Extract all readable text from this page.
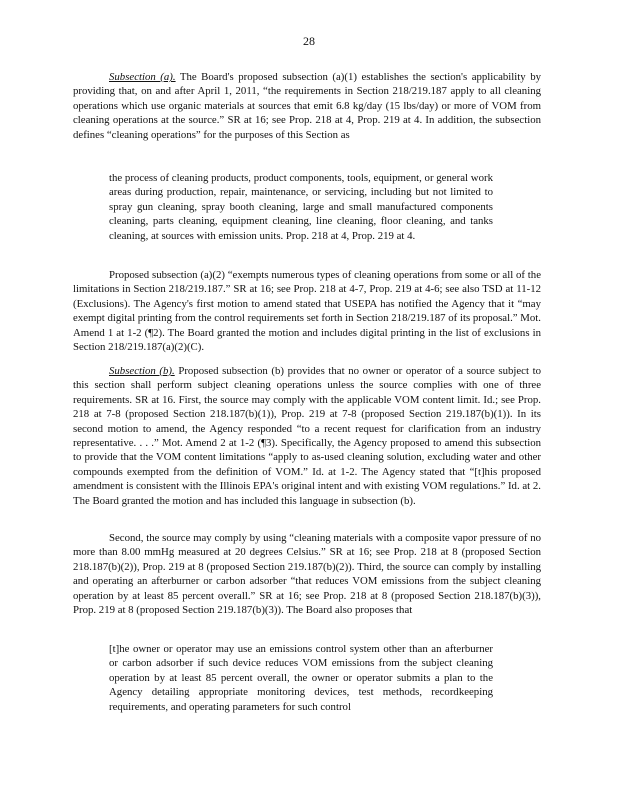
28

Subsection (a). The Board's proposed subsection (a)(1) establishes the section's applicability by providing that, on and after April 1, 2011, “the requirements in Section 218/219.187 apply to all cleaning operations which use organic materials at sources that emit 6.8 kg/day (15 lbs/day) or more of VOM from cleaning operations at the source.” SR at 16; see Prop. 218 at 4, Prop. 219 at 4. In addition, the subsection defines “cleaning operations” for the purposes of this Section as

the process of cleaning products, product components, tools, equipment, or general work areas during production, repair, maintenance, or servicing, including but not limited to spray gun cleaning, spray booth cleaning, large and small manufactured components cleaning, parts cleaning, equipment cleaning, line cleaning, floor cleaning, and tanks cleaning, at sources with emission units. Prop. 218 at 4, Prop. 219 at 4.

Proposed subsection (a)(2) “exempts numerous types of cleaning operations from some or all of the limitations in Section 218/219.187.” SR at 16; see Prop. 218 at 4-7, Prop. 219 at 4-6; see also TSD at 11-12 (Exclusions). The Agency's first motion to amend stated that USEPA has notified the Agency that it “may exempt digital printing from the control requirements set forth in Section 218/219.187 of its proposal.” Mot. Amend 1 at 1-2 (¶2). The Board granted the motion and includes digital printing in the list of exclusions in Section 218/219.187(a)(2)(C).

Subsection (b). Proposed subsection (b) provides that no owner or operator of a source subject to this section shall perform subject cleaning operations unless the source complies with one of three requirements. SR at 16. First, the source may comply with the applicable VOM content limit. Id.; see Prop. 218 at 7-8 (proposed Section 218.187(b)(1)), Prop. 219 at 7-8 (proposed Section 219.187(b)(1)). In its second motion to amend, the Agency responded “to a recent request for clarification from an industry representative. . . .” Mot. Amend 2 at 1-2 (¶3). Specifically, the Agency proposed to amend this subsection to provide that the VOM content limitations “apply to as-used cleaning solution, excluding water and other compounds exempted from the definition of VOM.” Id. at 1-2. The Agency stated that “[t]his proposed amendment is consistent with the Illinois EPA's original intent and with existing VOM regulations.” Id. at 2. The Board granted the motion and has included this language in subsection (b).

Second, the source may comply by using “cleaning materials with a composite vapor pressure of no more than 8.00 mmHg measured at 20 degrees Celsius.” SR at 16; see Prop. 218 at 8 (proposed Section 218.187(b)(2)), Prop. 219 at 8 (proposed Section 219.187(b)(2)). Third, the source can comply by installing and operating an afterburner or carbon adsorber “that reduces VOM emissions from the subject cleaning operation by at least 85 percent overall.” SR at 16; see Prop. 218 at 8 (proposed Section 218.187(b)(3)), Prop. 219 at 8 (proposed Section 219.187(b)(3)). The Board also proposes that

[t]he owner or operator may use an emissions control system other than an afterburner or carbon adsorber if such device reduces VOM emissions from the subject cleaning operation by at least 85 percent overall, the owner or operator submits a plan to the Agency detailing appropriate monitoring devices, test methods, recordkeeping requirements, and operating parameters for such control
